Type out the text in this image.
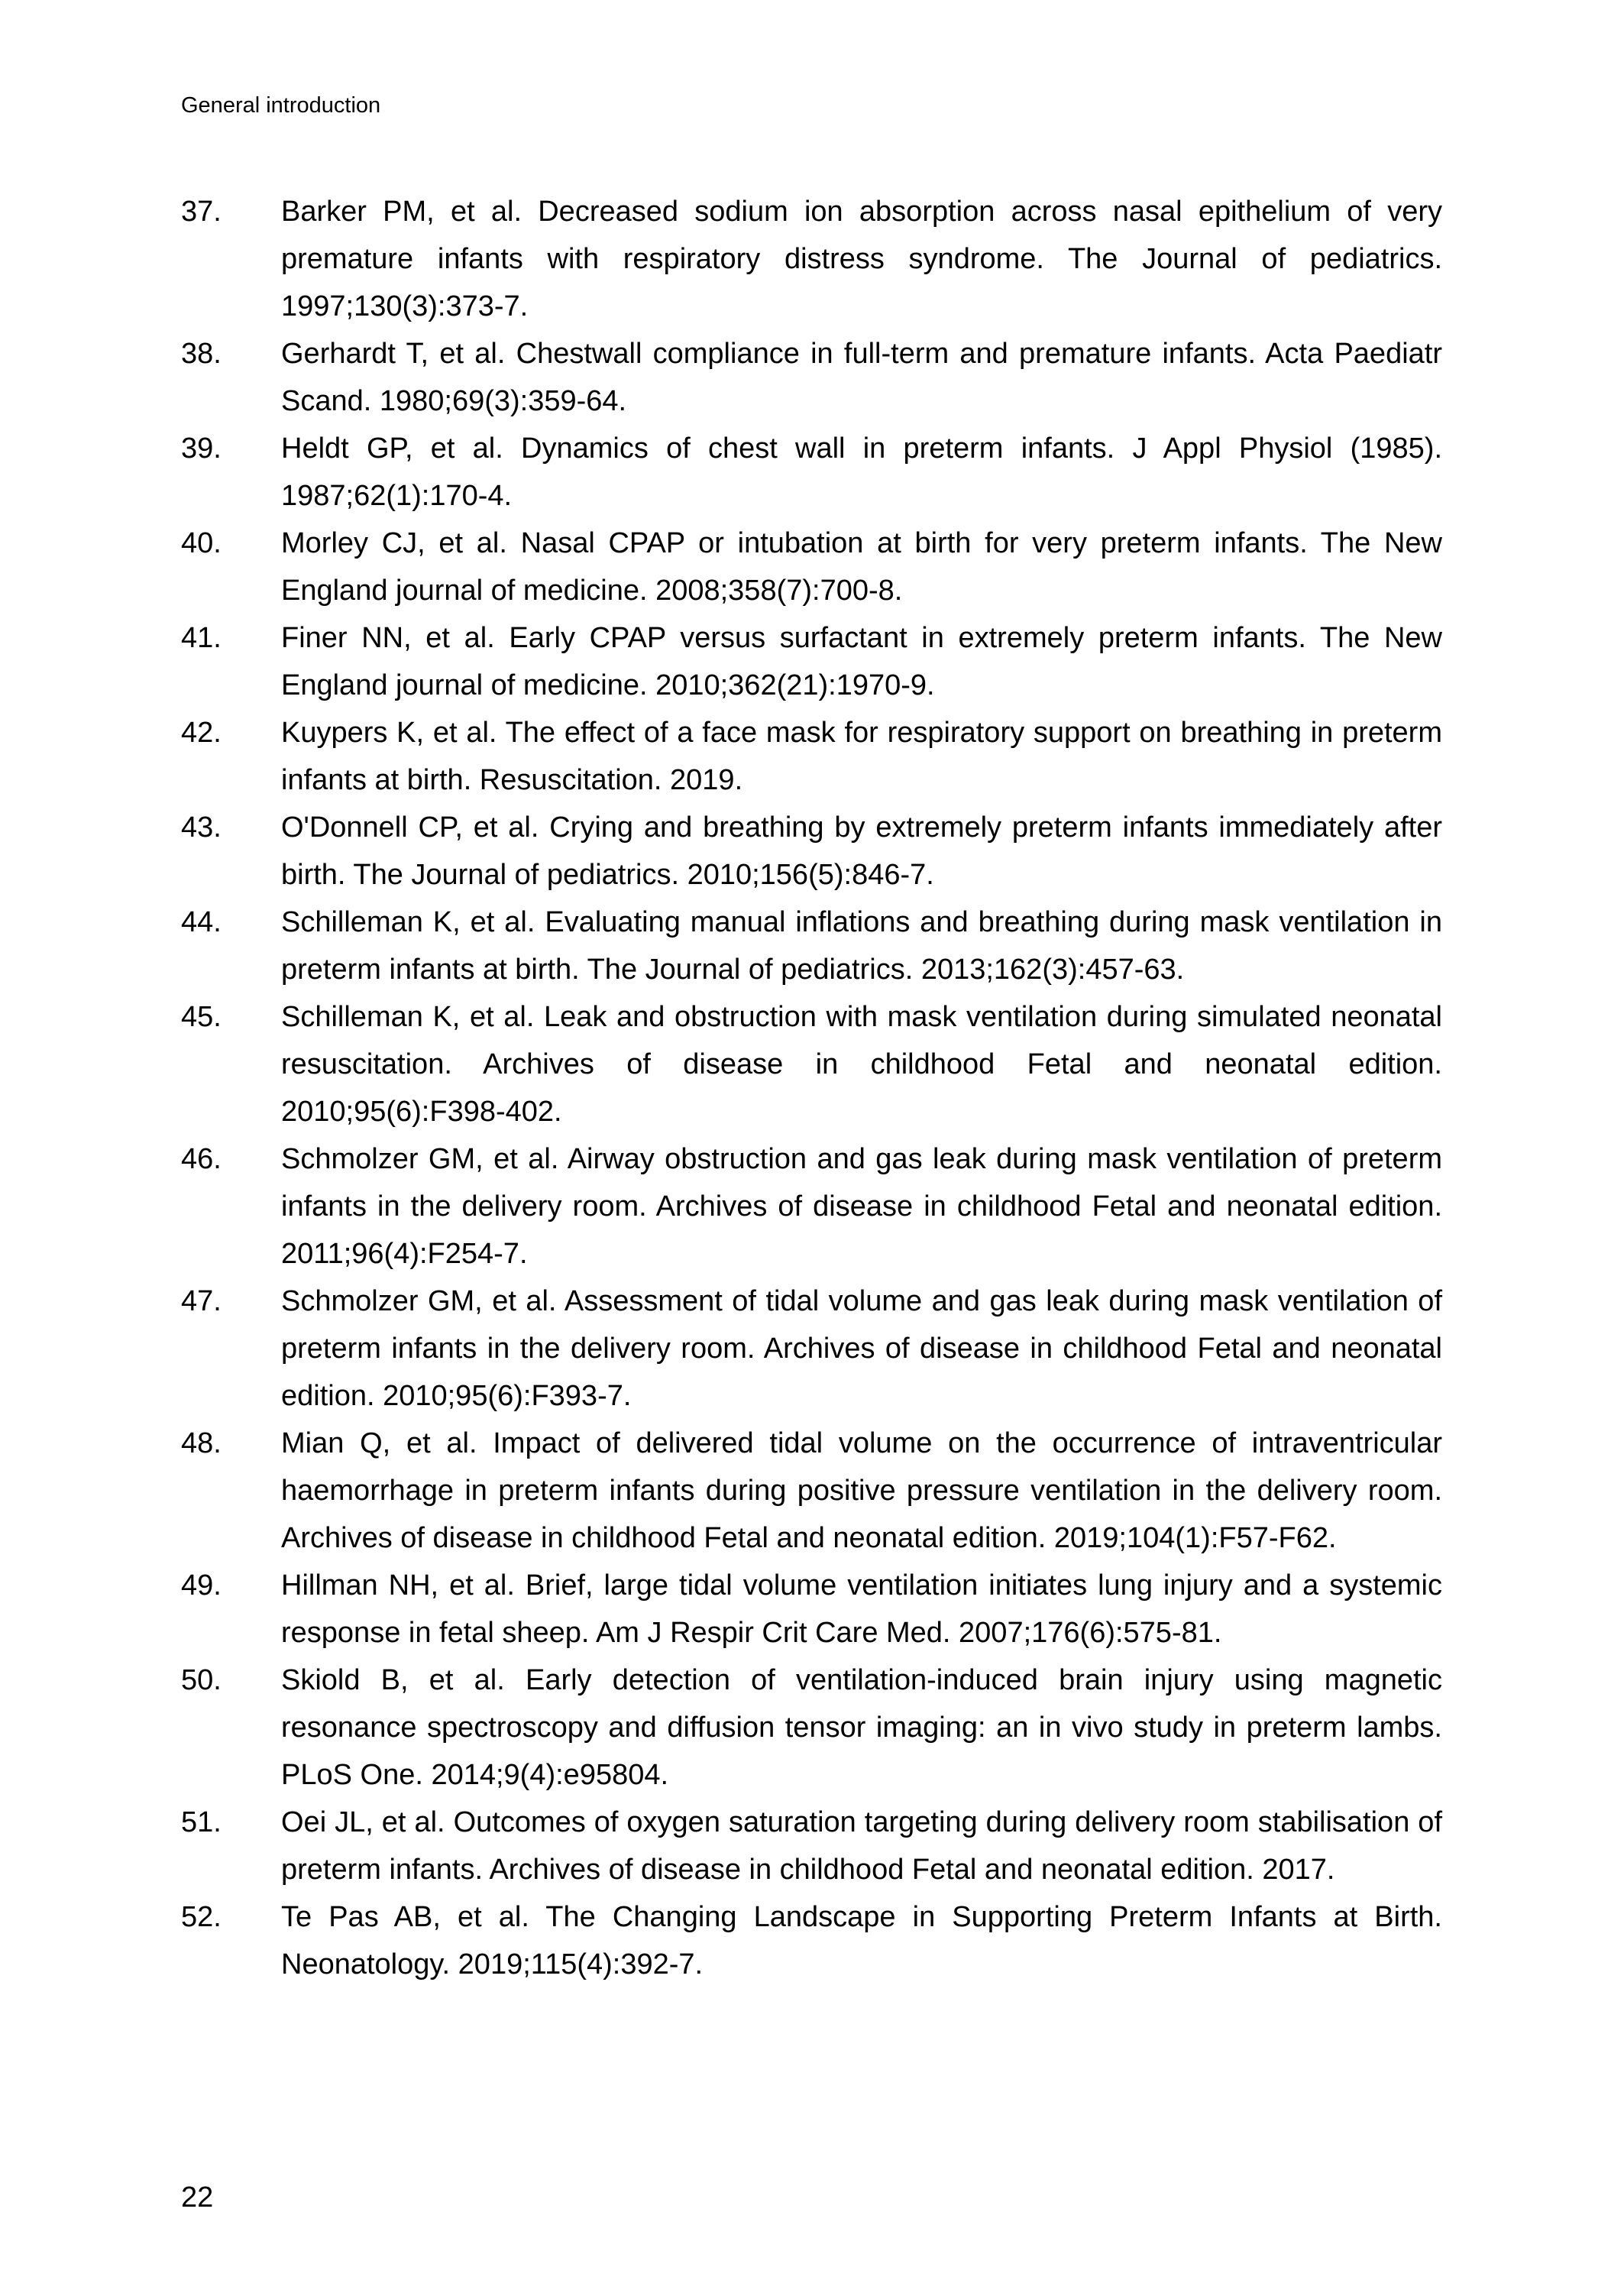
General introduction
37.	Barker PM, et al. Decreased sodium ion absorption across nasal epithelium of very premature infants with respiratory distress syndrome. The Journal of pediatrics. 1997;130(3):373-7.
38.	Gerhardt T, et al. Chestwall compliance in full-term and premature infants. Acta Paediatr Scand. 1980;69(3):359-64.
39.	Heldt GP, et al. Dynamics of chest wall in preterm infants. J Appl Physiol (1985). 1987;62(1):170-4.
40.	Morley CJ, et al. Nasal CPAP or intubation at birth for very preterm infants. The New England journal of medicine. 2008;358(7):700-8.
41.	Finer NN, et al. Early CPAP versus surfactant in extremely preterm infants. The New England journal of medicine. 2010;362(21):1970-9.
42.	Kuypers K, et al. The effect of a face mask for respiratory support on breathing in preterm infants at birth. Resuscitation. 2019.
43.	O'Donnell CP, et al. Crying and breathing by extremely preterm infants immediately after birth. The Journal of pediatrics. 2010;156(5):846-7.
44.	Schilleman K, et al. Evaluating manual inflations and breathing during mask ventilation in preterm infants at birth. The Journal of pediatrics. 2013;162(3):457-63.
45.	Schilleman K, et al. Leak and obstruction with mask ventilation during simulated neonatal resuscitation. Archives of disease in childhood Fetal and neonatal edition. 2010;95(6):F398-402.
46.	Schmolzer GM, et al. Airway obstruction and gas leak during mask ventilation of preterm infants in the delivery room. Archives of disease in childhood Fetal and neonatal edition. 2011;96(4):F254-7.
47.	Schmolzer GM, et al. Assessment of tidal volume and gas leak during mask ventilation of preterm infants in the delivery room. Archives of disease in childhood Fetal and neonatal edition. 2010;95(6):F393-7.
48.	Mian Q, et al. Impact of delivered tidal volume on the occurrence of intraventricular haemorrhage in preterm infants during positive pressure ventilation in the delivery room. Archives of disease in childhood Fetal and neonatal edition. 2019;104(1):F57-F62.
49.	Hillman NH, et al. Brief, large tidal volume ventilation initiates lung injury and a systemic response in fetal sheep. Am J Respir Crit Care Med. 2007;176(6):575-81.
50.	Skiold B, et al. Early detection of ventilation-induced brain injury using magnetic resonance spectroscopy and diffusion tensor imaging: an in vivo study in preterm lambs. PLoS One. 2014;9(4):e95804.
51.	Oei JL, et al. Outcomes of oxygen saturation targeting during delivery room stabilisation of preterm infants. Archives of disease in childhood Fetal and neonatal edition. 2017.
52.	Te Pas AB, et al. The Changing Landscape in Supporting Preterm Infants at Birth. Neonatology. 2019;115(4):392-7.
22
